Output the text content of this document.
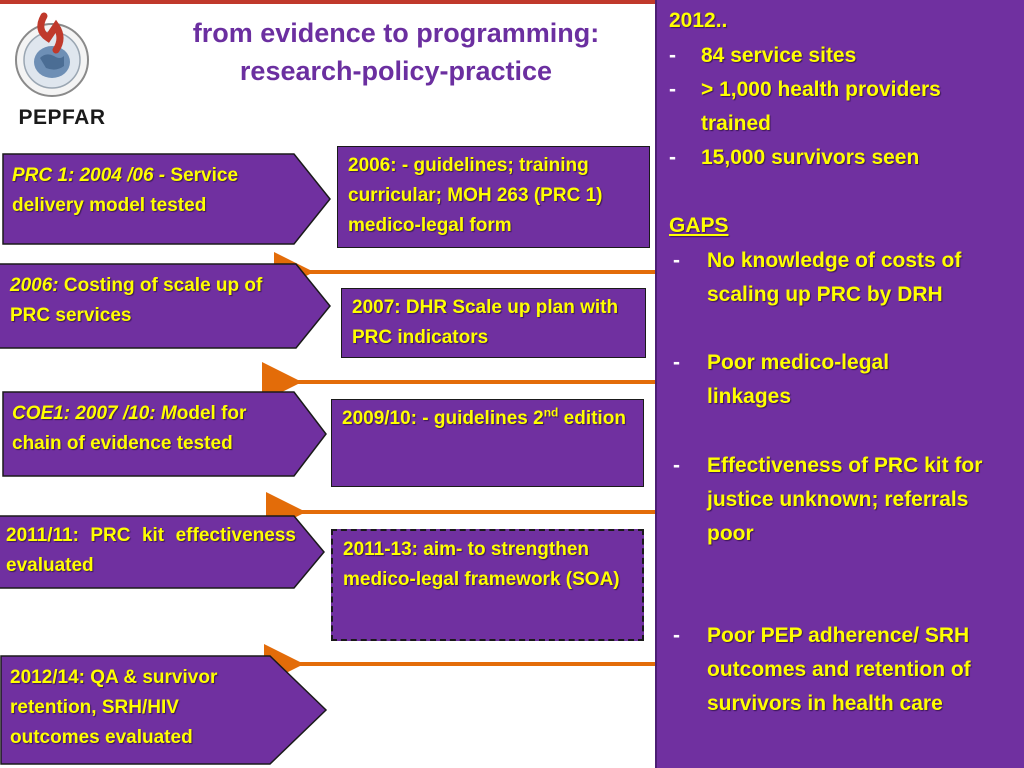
PEPFAR
from evidence to programming:
research-policy-practice
PRC 1: 2004 /06 - Service delivery model tested
2006: Costing of scale up of PRC services
COE1: 2007 /10: Model for chain of evidence tested
2011/11: PRC kit effectiveness evaluated
2012/14: QA & survivor retention, SRH/HIV outcomes evaluated
2006: - guidelines; training curricular; MOH 263 (PRC 1) medico-legal form
2007: DHR Scale up plan with PRC indicators
2009/10: - guidelines 2nd edition
2011-13: aim- to strengthen medico-legal framework (SOA)
2012..
- 84 service sites
- > 1,000 health providers trained
- 15,000 survivors seen
GAPS
- No knowledge of costs of scaling up PRC by DRH
- Poor medico-legal linkages
- Effectiveness of PRC kit for justice unknown; referrals poor
- Poor PEP adherence/ SRH outcomes and retention of survivors in health care
